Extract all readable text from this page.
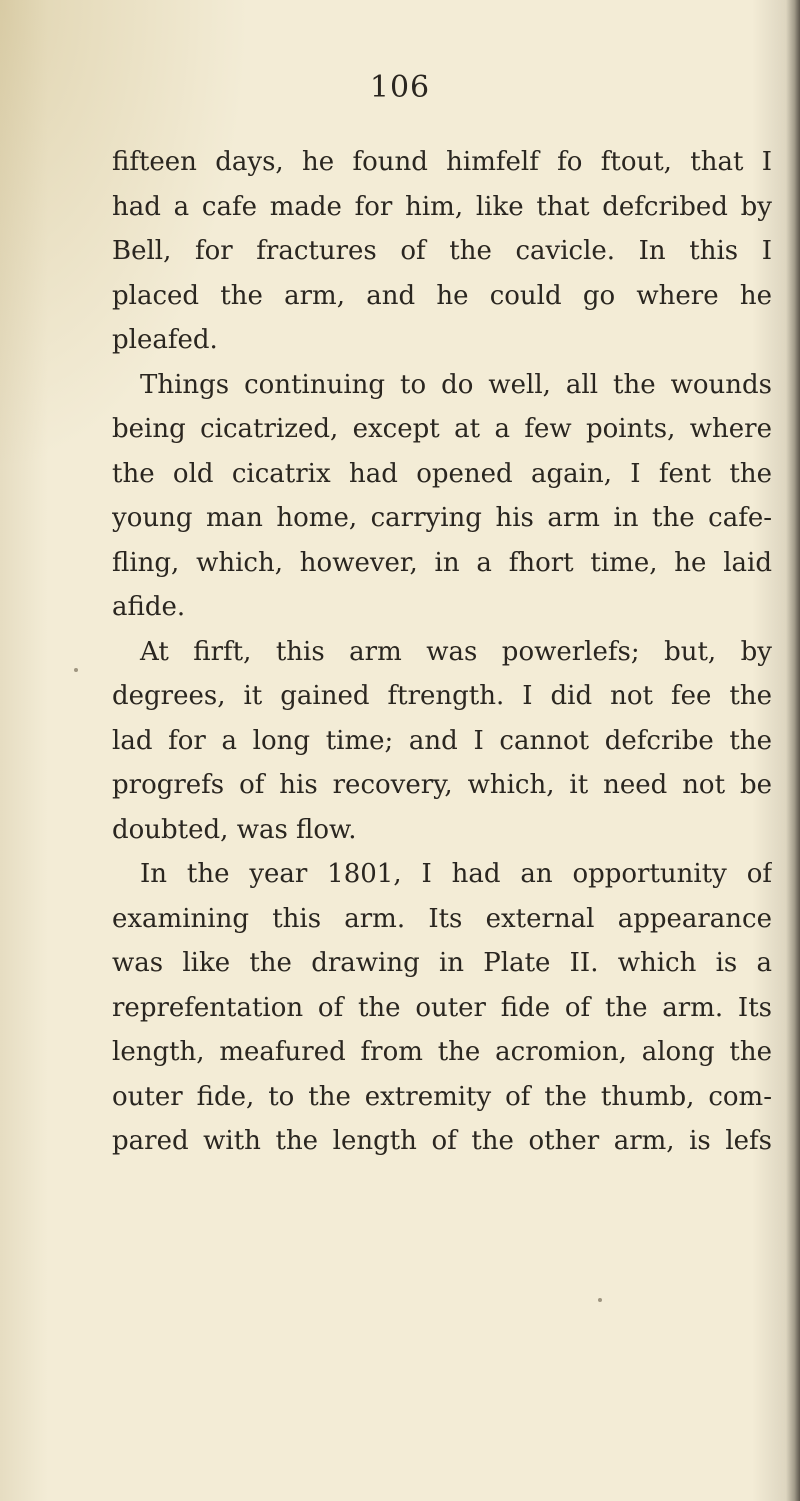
106
fifteen days, he found himfelf fo ftout, that I
had a cafe made for him, like that defcribed by
Bell, for fractures of the cavicle. In this I
placed the arm, and he could go where he
pleafed.
Things continuing to do well, all the wounds
being cicatrized, except at a few points, where
the old cicatrix had opened again, I fent the
young man home, carrying his arm in the cafe-
fling, which, however, in a fhort time, he laid
afide.
At firft, this arm was powerlefs; but, by
degrees, it gained ftrength. I did not fee the
lad for a long time; and I cannot defcribe the
progrefs of his recovery, which, it need not be
doubted, was flow.
In the year 1801, I had an opportunity of
examining this arm. Its external appearance
was like the drawing in Plate II. which is a
reprefentation of the outer fide of the arm. Its
length, meafured from the acromion, along the
outer fide, to the extremity of the thumb, com-
pared with the length of the other arm, is lefs
